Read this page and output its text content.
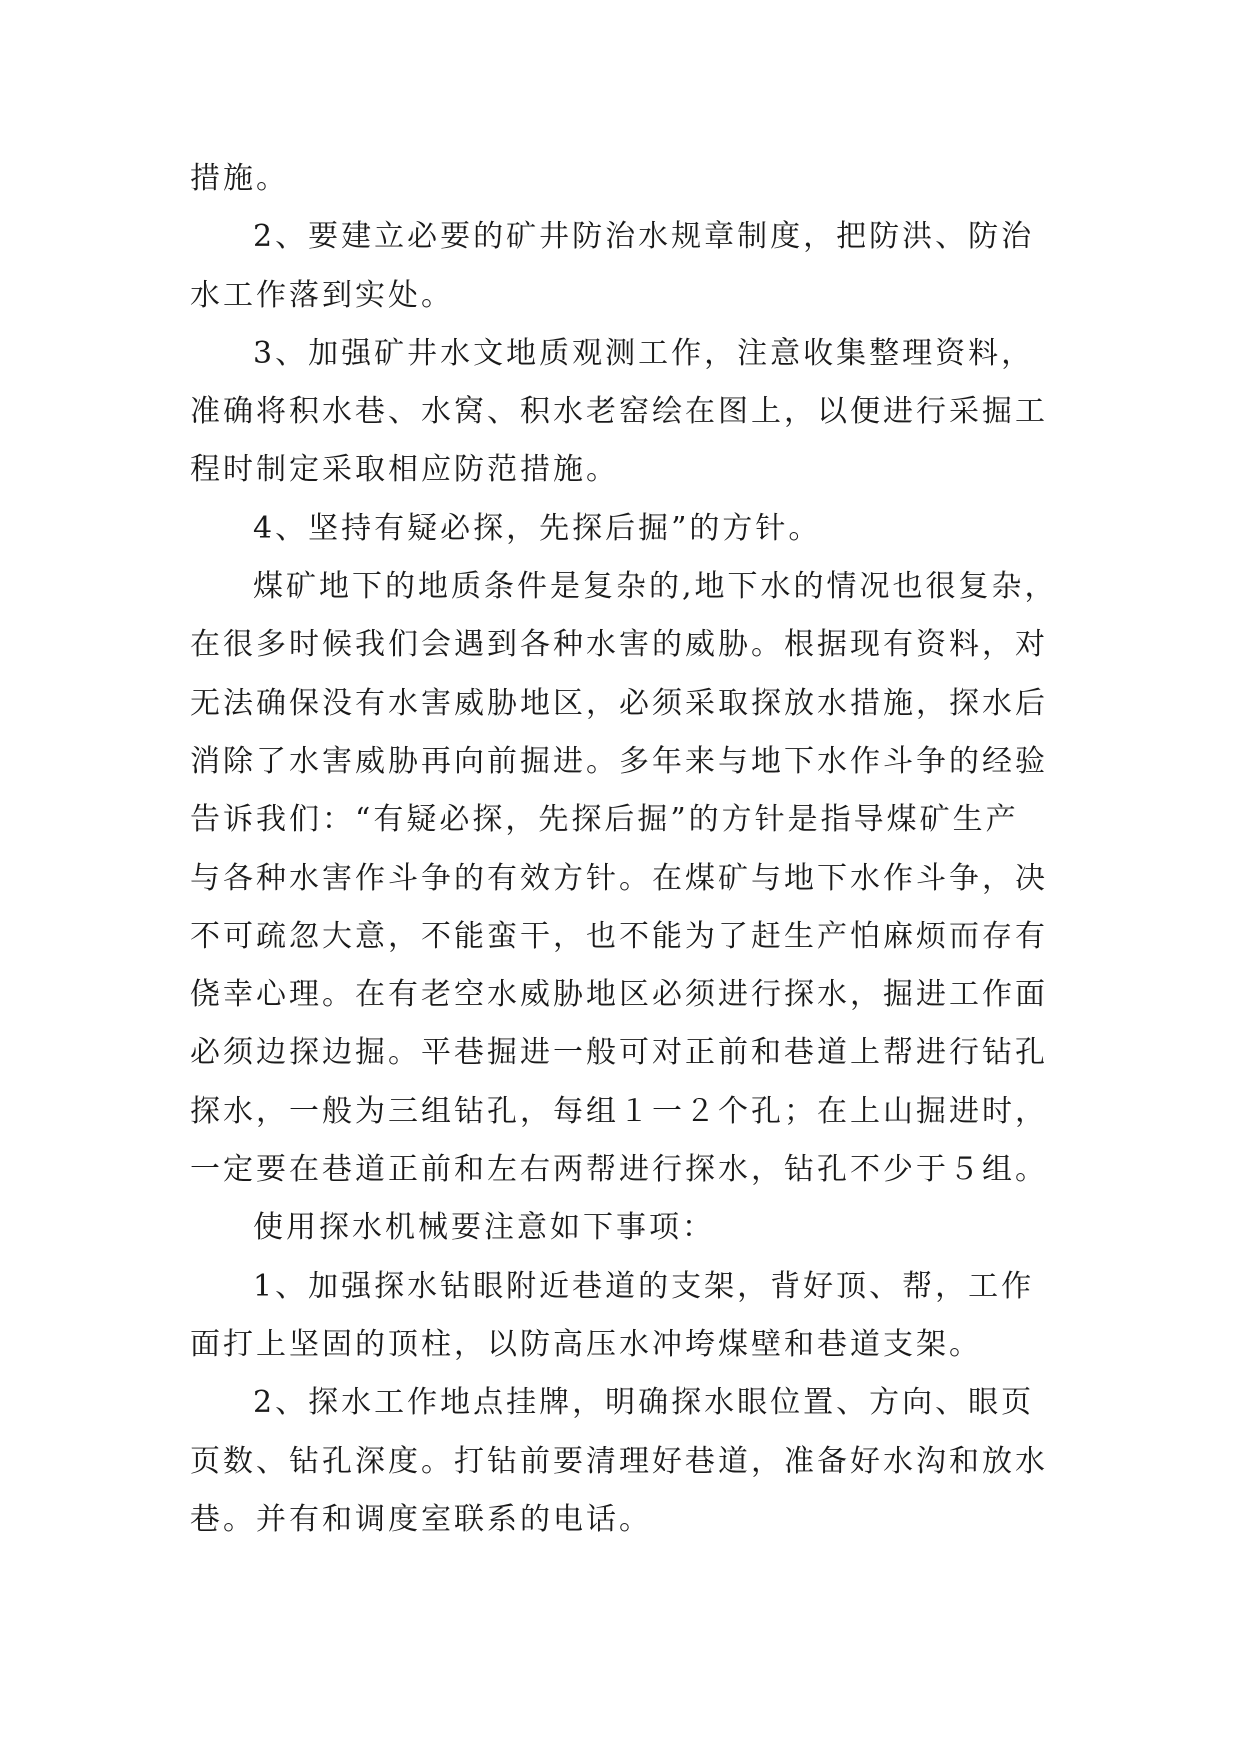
措施。
2、要建立必要的矿井防治水规章制度，把防洪、防治
水工作落到实处。
3、加强矿井水文地质观测工作，注意收集整理资料，
准确将积水巷、水窝、积水老窑绘在图上，以便进行采掘工
程时制定采取相应防范措施。
4、坚持有疑必探，先探后掘”的方针。
煤矿地下的地质条件是复杂的,地下水的情况也很复杂，
在很多时候我们会遇到各种水害的威胁。根据现有资料，对
无法确保没有水害威胁地区，必须采取探放水措施，探水后
消除了水害威胁再向前掘进。多年来与地下水作斗争的经验
告诉我们：“有疑必探，先探后掘”的方针是指导煤矿生产
与各种水害作斗争的有效方针。在煤矿与地下水作斗争，决
不可疏忽大意，不能蛮干，也不能为了赶生产怕麻烦而存有
侥幸心理。在有老空水威胁地区必须进行探水，掘进工作面
必须边探边掘。平巷掘进一般可对正前和巷道上帮进行钻孔
探水，一般为三组钻孔，每组１一２个孔；在上山掘进时，
一定要在巷道正前和左右两帮进行探水，钻孔不少于５组。
使用探水机械要注意如下事项：
1、加强探水钻眼附近巷道的支架，背好顶、帮，工作
面打上坚固的顶柱，以防高压水冲垮煤壁和巷道支架。
2、探水工作地点挂牌，明确探水眼位置、方向、眼页
页数、钻孔深度。打钻前要清理好巷道，准备好水沟和放水
巷。并有和调度室联系的电话。
